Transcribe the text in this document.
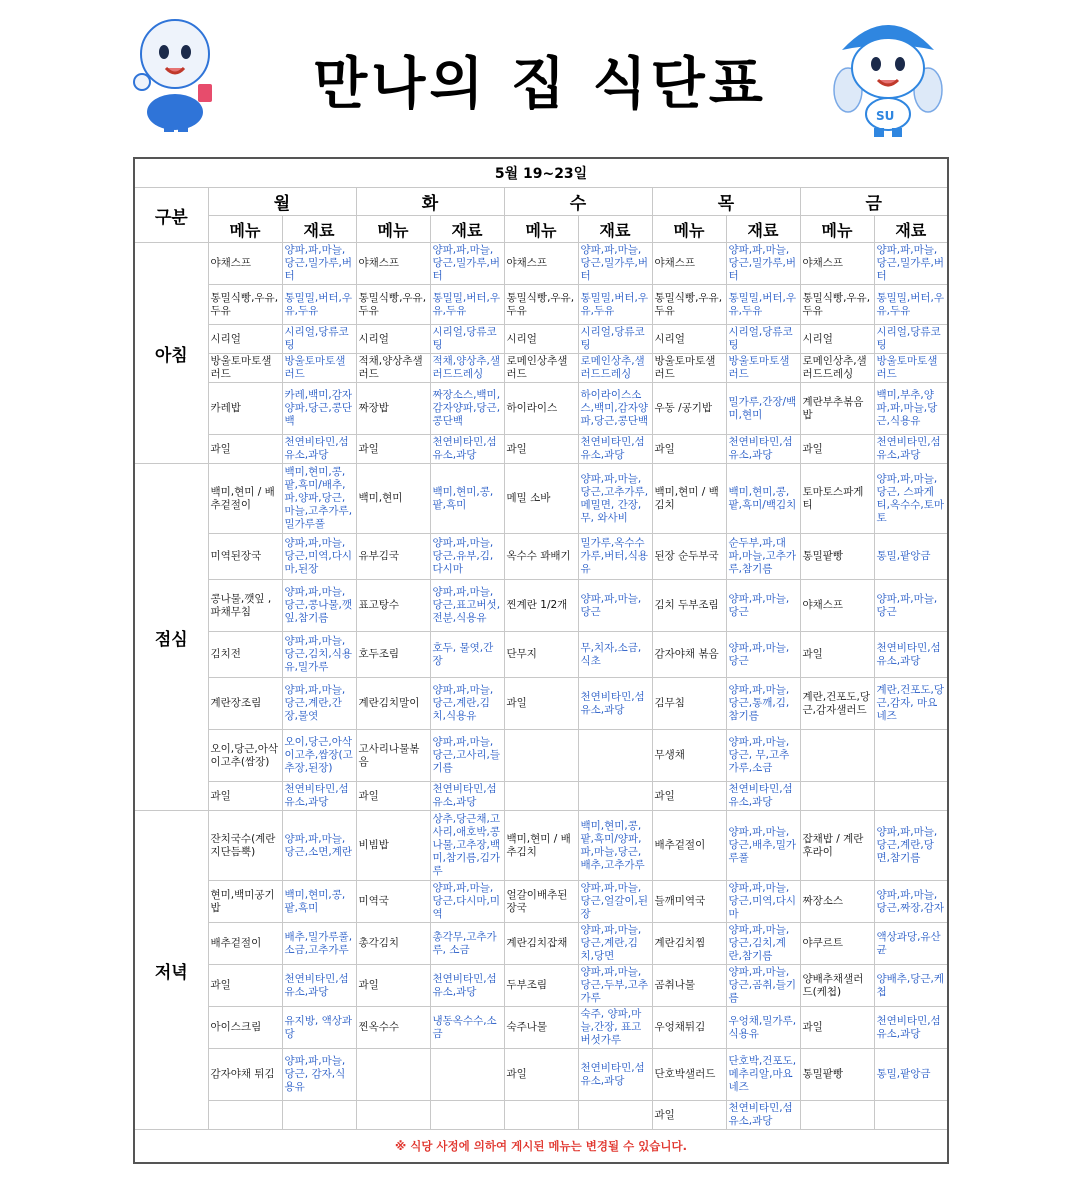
만나의 집 식단표	SU
5월 19~23일										
구분	월		화		수		목		금	
	메뉴	재료	메뉴	재료	메뉴	재료	메뉴	재료	메뉴	재료
아침	야채스프	양파,파,마늘,당근,밀가루,버터	야채스프	양파,파,마늘,당근,밀가루,버터	야채스프	양파,파,마늘,당근,밀가루,버터	야채스프	양파,파,마늘,당근,밀가루,버터	야채스프	양파,파,마늘,당근,밀가루,버터
	통밀식빵,우유,두유	통밀밀,버터,우유,두유	통밀식빵,우유,두유	통밀밀,버터,우유,두유	통밀식빵,우유,두유	통밀밀,버터,우유,두유	통밀식빵,우유,두유	통밀밀,버터,우유,두유	통밀식빵,우유,두유	통밀밀,버터,우유,두유
	시리얼	시리얼,당류코팅	시리얼	시리얼,당류코팅	시리얼	시리얼,당류코팅	시리얼	시리얼,당류코팅	시리얼	시리얼,당류코팅
	방울토마토샐러드	방울토마토샐러드	적채,양상추샐러드	적채,양상추,샐러드드레싱	로메인상추샐러드	로메인상추,샐러드드레싱	방울토마토샐러드	방울토마토샐러드	로메인상추,샐러드드레싱	방울토마토샐러드
	카레밥	카레,백미,감자양파,당근,콩단백	짜장밥	짜장소스,백미,감자양파,당근,콩단백	하이라이스	하이라이스소스,백미,감자양파,당근,콩단백	우동 /공기밥	밀가루,간장/백미,현미	계란부추볶음밥	백미,부추,양파,파,마늘,당근,식용유
	과일	천연비타민,섬유소,과당	과일	천연비타민,섬유소,과당	과일	천연비타민,섬유소,과당	과일	천연비타민,섬유소,과당	과일	천연비타민,섬유소,과당
점심	백미,현미 / 배추겉절이	백미,현미,콩,팥,흑미/배추,파,양파,당근,마늘,고추가루,밀가루풀	백미,현미	백미,현미,콩,팥,흑미	메밀 소바	양파,파,마늘,당근,고추가루,메밀면, 간장, 무, 와사비	백미,현미 / 백김치	백미,현미,콩,팥,흑미/백김치	토마토스파게티	양파,파,마늘,당근, 스파게티,옥수수,토마토
	미역된장국	양파,파,마늘,당근,미역,다시마,된장	유부김국	양파,파,마늘,당근,유부,김,다시마	옥수수 꽈배기	밀가루,옥수수가루,버터,식용유	된장 순두부국	순두부,파,대파,마늘,고추가루,참기름	통밀팥빵	통밀,팥앙금
	콩나물,깻잎 , 파채무침	양파,파,마늘,당근,콩나물,깻잎,참기름	표고탕수	양파,파,마늘,당근,표고버섯,전분,식용유	찐계란 1/2개	양파,파,마늘,당근	김치 두부조림	양파,파,마늘,당근	야채스프	양파,파,마늘,당근
	김치전	양파,파,마늘,당근,김치,식용유,밀가루	호두조림	호두, 물엿,간장	단무지	무,치자,소금,식초	감자야채 볶음	양파,파,마늘,당근	과일	천연비타민,섬유소,과당
	계란장조림	양파,파,마늘,당근,계란,간장,물엿	계란김치말이	양파,파,마늘,당근,계란,김치,식용유	과일	천연비타민,섬유소,과당	김무침	양파,파,마늘,당근,통깨,김,참기름	계란,건포도,당근,감자샐러드	계란,건포도,당근,감자, 마요네즈
	오이,당근,아삭이고추(쌈장)	오이,당근,아삭이고추,쌈장(고추장,된장)	고사리나물볶음	양파,파,마늘,당근,고사리,들기름			무생채	양파,파,마늘,당근, 무,고추가루,소금		
	과일	천연비타민,섬유소,과당	과일	천연비타민,섬유소,과당			과일	천연비타민,섬유소,과당		
저녁	잔치국수(계란지단듬뿍)	양파,파,마늘,당근,소면,계란	비빔밥	상추,당근채,고사리,애호박,콩나물,고추장,백미,참기름,김가루	백미,현미 / 배추김치	백미,현미,콩,팥,흑미/양파,파,마늘,당근,배추,고추가루	배추겉절이	양파,파,마늘,당근,배추,밀가루풀	잡채밥 / 계란후라이	양파,파,마늘,당근,계란,당면,참기름
	현미,백미공기밥	백미,현미,콩,팥,흑미	미역국	양파,파,마늘,당근,다시마,미역	얼갈이배추된장국	양파,파,마늘,당근,얼갈이,된장	들깨미역국	양파,파,마늘,당근,미역,다시마	짜장소스	양파,파,마늘,당근,짜장,감자
	배추겉절이	배추,밀가루풀,소금,고추가루	총각김치	총각무,고추가루, 소금	계란김치잡채	양파,파,마늘,당근,계란,김치,당면	계란김치찜	양파,파,마늘,당근,김치,계란,참기름	야쿠르트	액상과당,유산균
	과일	천연비타민,섬유소,과당	과일	천연비타민,섬유소,과당	두부조림	양파,파,마늘,당근,두부,고추가루	곰취나물	양파,파,마늘,당근,곰취,들기름	양배추채샐러드(케첩)	양배추,당근,케첩
	아이스크림	유지방, 액상과당	찐옥수수	냉동옥수수,소금	숙주나물	숙주, 양파,마늘,간장, 표고버섯가루	우엉채튀김	우엉채,밀가루,식용유	과일	천연비타민,섬유소,과당
	감자야채 튀김	양파,파,마늘,당근, 감자,식용유			과일	천연비타민,섬유소,과당	단호박샐러드	단호박,건포도,메추리알,마요네즈	통밀팥빵	통밀,팥앙금
							과일	천연비타민,섬유소,과당		
※ 식당 사정에 의하여 게시된 메뉴는 변경될 수 있습니다.										
